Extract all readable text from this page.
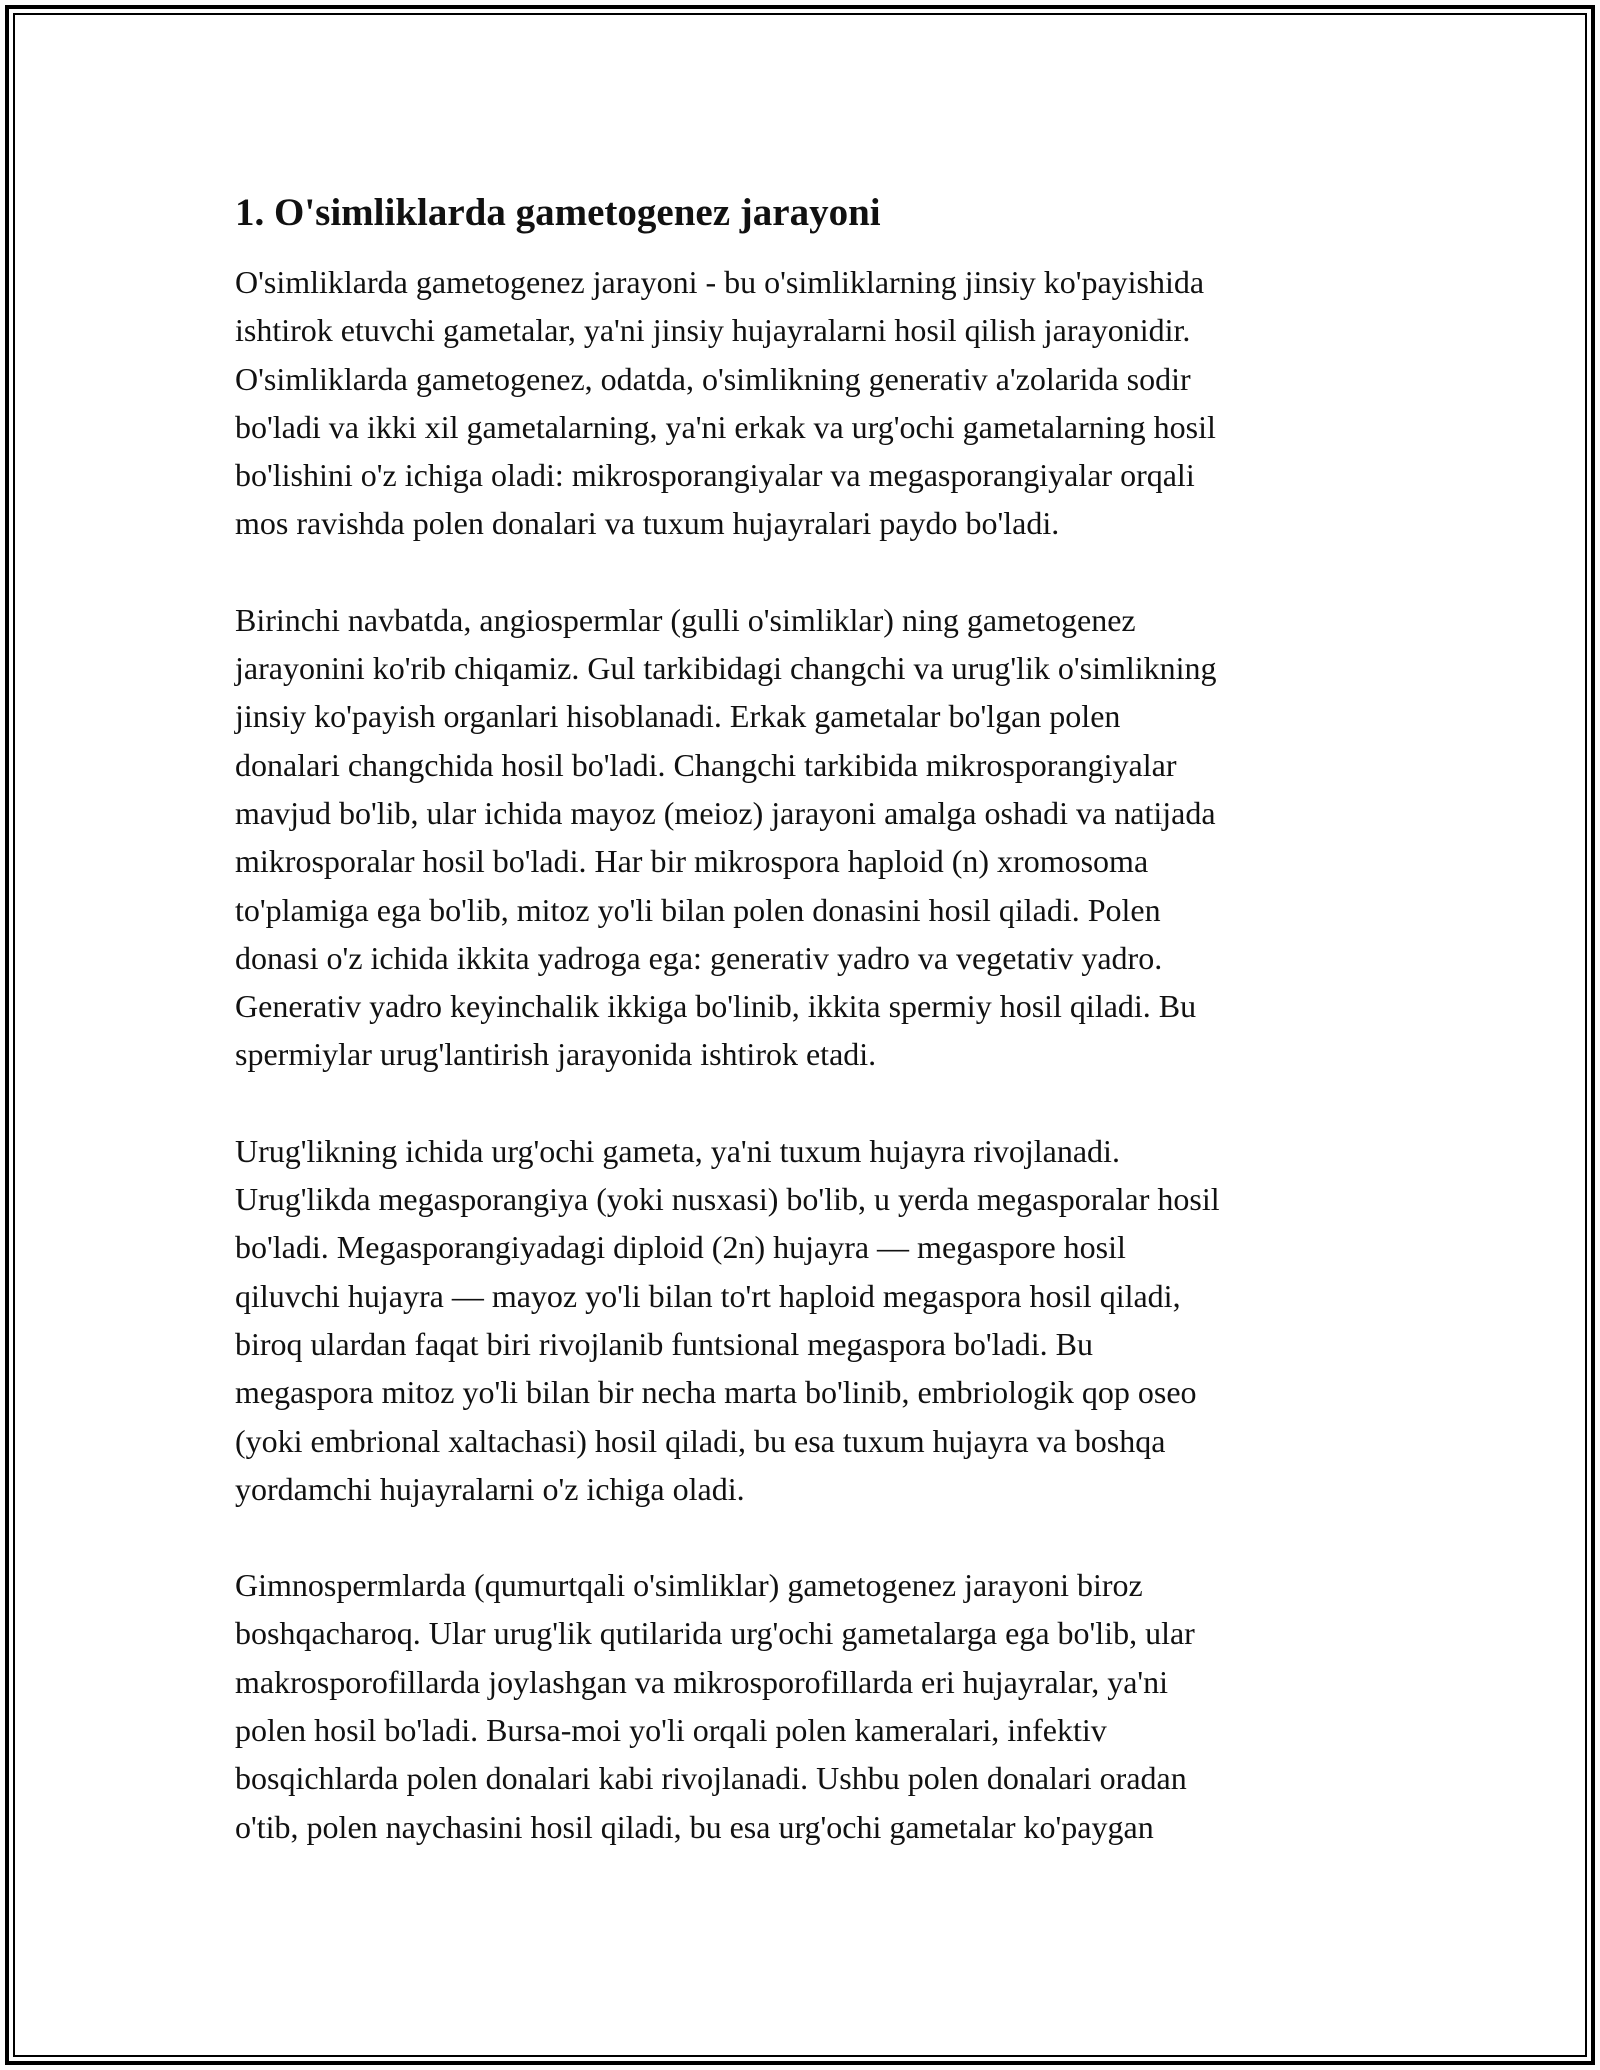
1. O'simliklarda gametogenez jarayoni

O'simliklarda gametogenez jarayoni - bu o'simliklarning jinsiy ko'payishida
ishtirok etuvchi gametalar, ya'ni jinsiy hujayralarni hosil qilish jarayonidir.
O'simliklarda gametogenez, odatda, o'simlikning generativ a'zolarida sodir
bo'ladi va ikki xil gametalarning, ya'ni erkak va urg'ochi gametalarning hosil
bo'lishini o'z ichiga oladi: mikrosporangiyalar va megasporangiyalar orqali
mos ravishda polen donalari va tuxum hujayralari paydo bo'ladi.

Birinchi navbatda, angiospermlar (gulli o'simliklar) ning gametogenez
jarayonini ko'rib chiqamiz. Gul tarkibidagi changchi va urug'lik o'simlikning
jinsiy ko'payish organlari hisoblanadi. Erkak gametalar bo'lgan polen
donalari changchida hosil bo'ladi. Changchi tarkibida mikrosporangiyalar
mavjud bo'lib, ular ichida mayoz (meioz) jarayoni amalga oshadi va natijada
mikrosporalar hosil bo'ladi. Har bir mikrospora haploid (n) xromosoma
to'plamiga ega bo'lib, mitoz yo'li bilan polen donasini hosil qiladi. Polen
donasi o'z ichida ikkita yadroga ega: generativ yadro va vegetativ yadro.
Generativ yadro keyinchalik ikkiga bo'linib, ikkita spermiy hosil qiladi. Bu
spermiylar urug'lantirish jarayonida ishtirok etadi.

Urug'likning ichida urg'ochi gameta, ya'ni tuxum hujayra rivojlanadi.
Urug'likda megasporangiya (yoki nusxasi) bo'lib, u yerda megasporalar hosil
bo'ladi. Megasporangiyadagi diploid (2n) hujayra — megaspore hosil
qiluvchi hujayra — mayoz yo'li bilan to'rt haploid megaspora hosil qiladi,
biroq ulardan faqat biri rivojlanib funtsional megaspora bo'ladi. Bu
megaspora mitoz yo'li bilan bir necha marta bo'linib, embriologik qop oseo
(yoki embrional xaltachasi) hosil qiladi, bu esa tuxum hujayra va boshqa
yordamchi hujayralarni o'z ichiga oladi.

Gimnospermlarda (qumurtqali o'simliklar) gametogenez jarayoni biroz
boshqacharoq. Ular urug'lik qutilarida urg'ochi gametalarga ega bo'lib, ular
makrosporofillarda joylashgan va mikrosporofillarda eri hujayralar, ya'ni
polen hosil bo'ladi. Bursa-moi yo'li orqali polen kameralari, infektiv
bosqichlarda polen donalari kabi rivojlanadi. Ushbu polen donalari oradan
o'tib, polen naychasini hosil qiladi, bu esa urg'ochi gametalar ko'paygan
